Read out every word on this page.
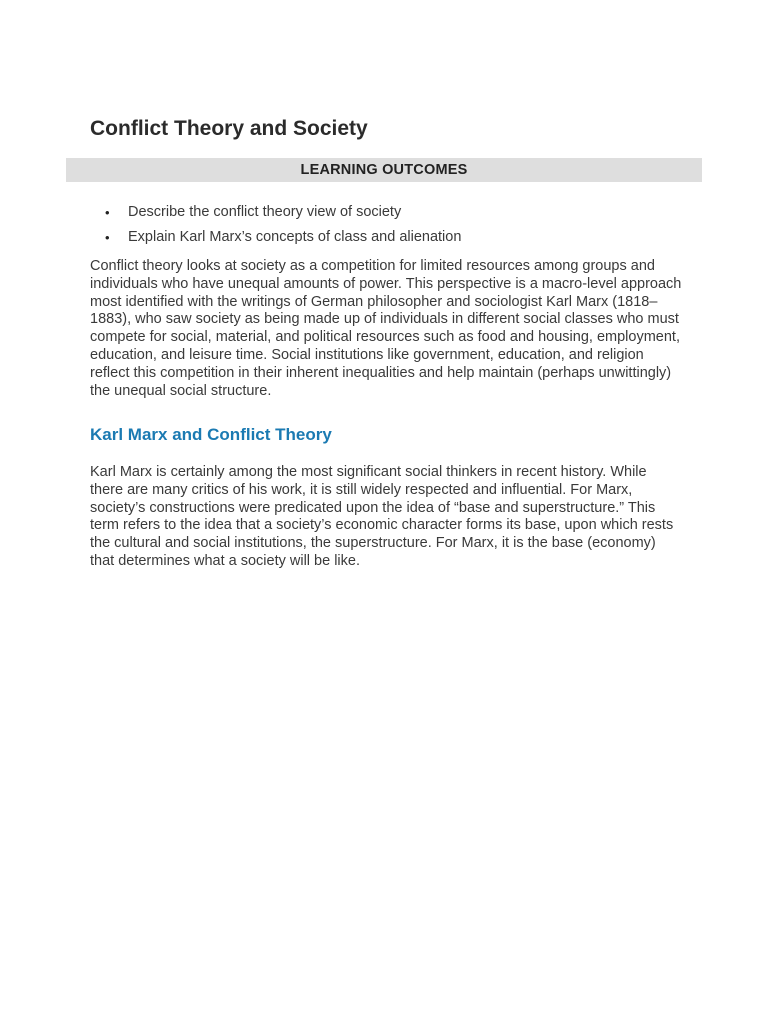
Conflict Theory and Society
LEARNING OUTCOMES
• Describe the conflict theory view of society
• Explain Karl Marx’s concepts of class and alienation

Conflict theory looks at society as a competition for limited resources among groups and individuals who have unequal amounts of power. This perspective is a macro-level approach most identified with the writings of German philosopher and sociologist Karl Marx (1818–1883), who saw society as being made up of individuals in different social classes who must compete for social, material, and political resources such as food and housing, employment, education, and leisure time. Social institutions like government, education, and religion reflect this competition in their inherent inequalities and help maintain (perhaps unwittingly) the unequal social structure.

Karl Marx and Conflict Theory

Karl Marx is certainly among the most significant social thinkers in recent history. While there are many critics of his work, it is still widely respected and influential. For Marx, society’s constructions were predicated upon the idea of “base and superstructure.” This term refers to the idea that a society’s economic character forms its base, upon which rests the cultural and social institutions, the superstructure. For Marx, it is the base (economy) that determines what a society will be like.
